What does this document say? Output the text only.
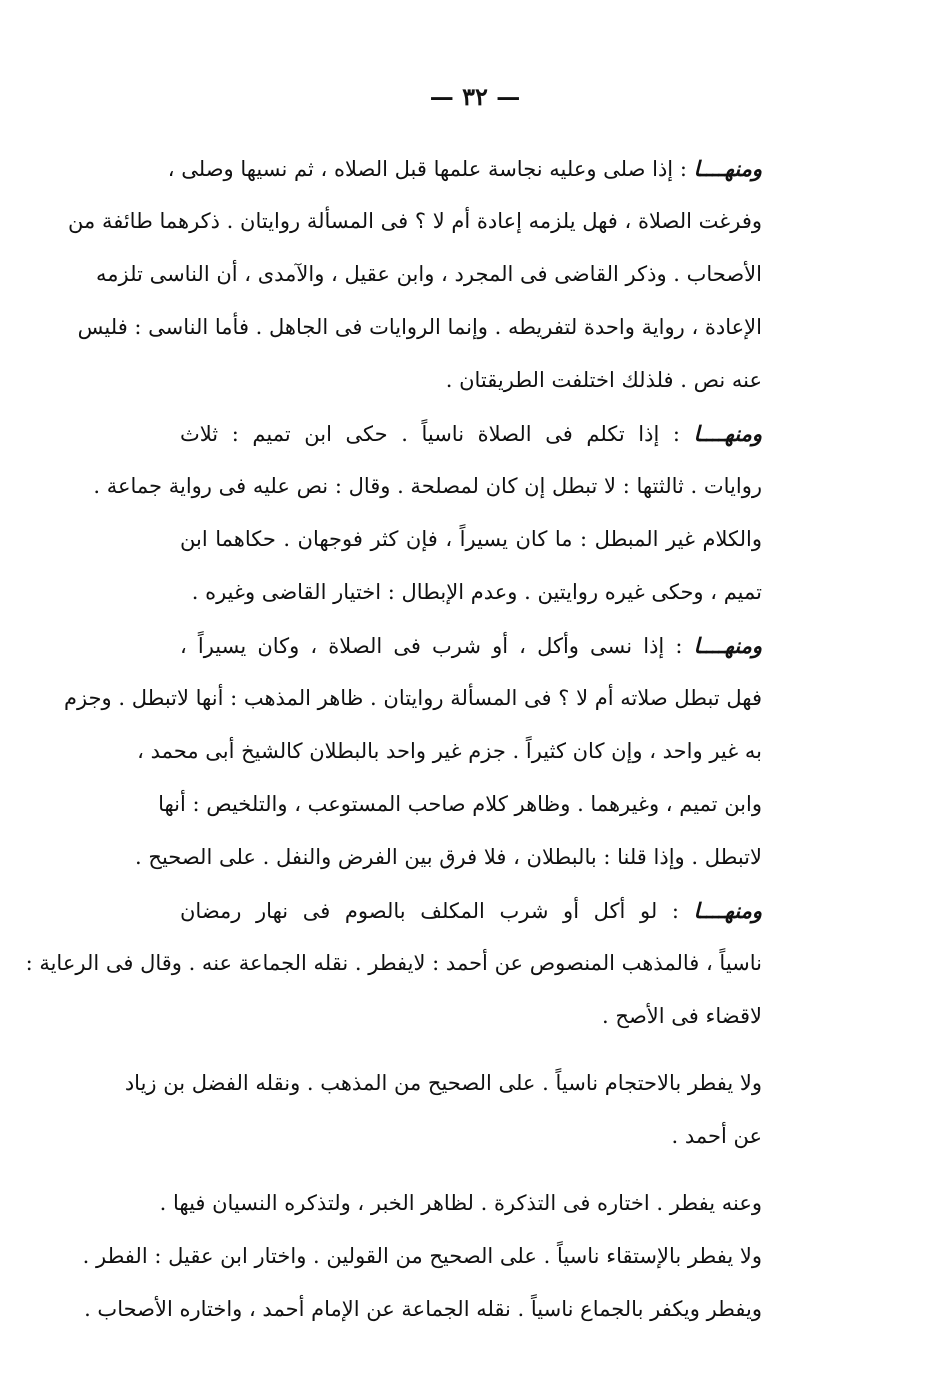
— ٣٢ —
ومنهــــا : إذا صلى وعليه نجاسة علمها قبل الصلاه ، ثم نسيها وصلى ،
وفرغت الصلاة ، فهل يلزمه إعادة أم لا ؟ فى المسألة روايتان . ذكرهما طائفة من
الأصحاب . وذكر القاضى فى المجرد ، وابن عقيل ، والآمدى ، أن الناسى تلزمه
الإعادة ، رواية واحدة لتفريطه . وإنما الروايات فى الجاهل . فأما الناسى : فليس
عنه نص . فلذلك اختلفت الطريقتان .
ومنهــــا : إذا تكلم فى الصلاة ناسياً . حكى ابن تميم : ثلاث
روايات . ثالثتها : لا تبطل إن كان لمصلحة . وقال : نص عليه فى رواية جماعة .
والكلام غير المبطل : ما كان يسيراً ، فإن كثر فوجهان . حكاهما ابن
تميم ، وحكى غيره روايتين . وعدم الإبطال : اختيار القاضى وغيره .
ومنهــــا : إذا نسى وأكل ، أو شرب فى الصلاة ، وكان يسيراً ،
فهل تبطل صلاته أم لا ؟ فى المسألة روايتان . ظاهر المذهب : أنها لاتبطل . وجزم
به غير واحد ، وإن كان كثيراً . جزم غير واحد بالبطلان كالشيخ أبى محمد ،
وابن تميم ، وغيرهما . وظاهر كلام صاحب المستوعب ، والتلخيص : أنها
لاتبطل . وإذا قلنا : بالبطلان ، فلا فرق بين الفرض والنفل . على الصحيح .
ومنهــــا : لو أكل أو شرب المكلف بالصوم فى نهار رمضان
ناسياً ، فالمذهب المنصوص عن أحمد : لايفطر . نقله الجماعة عنه . وقال فى الرعاية :
لاقضاء فى الأصح .
ولا يفطر بالاحتجام ناسياً . على الصحيح من المذهب . ونقله الفضل بن زياد
عن أحمد .
وعنه يفطر . اختاره فى التذكرة . لظاهر الخبر ، ولتذكره النسيان فيها .
ولا يفطر بالإستقاء ناسياً . على الصحيح من القولين . واختار ابن عقيل : الفطر .
ويفطر ويكفر بالجماع ناسياً . نقله الجماعة عن الإمام أحمد ، واختاره الأصحاب .
